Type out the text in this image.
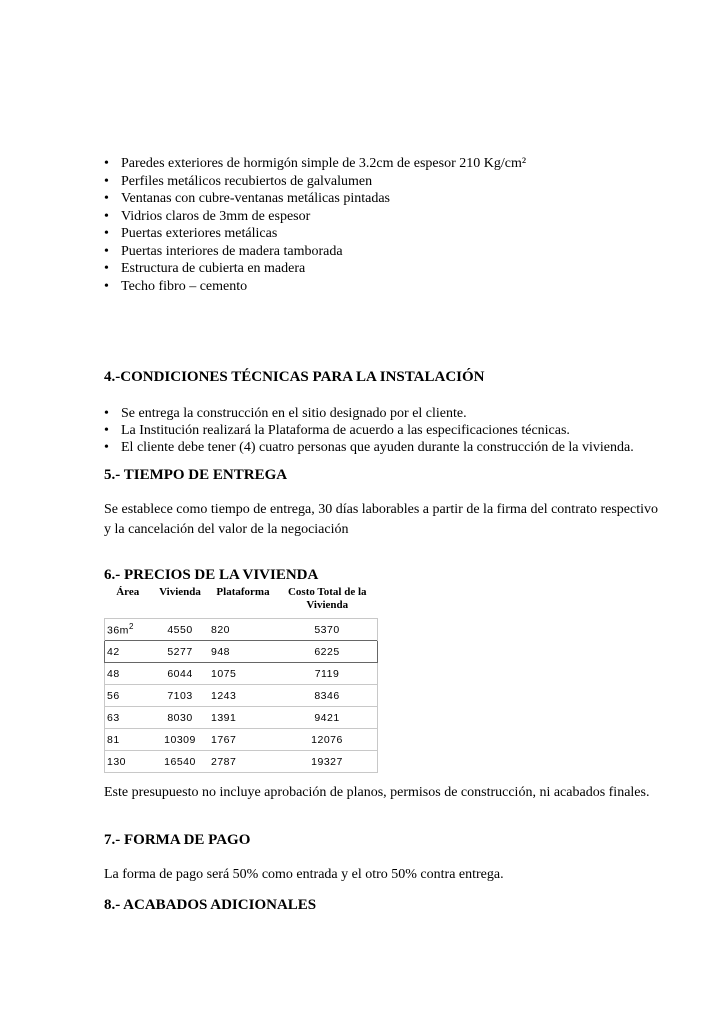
• Paredes exteriores de hormigón simple de 3.2cm de espesor 210 Kg/cm²
• Perfiles metálicos recubiertos de galvalumen
• Ventanas con cubre-ventanas metálicas pintadas
• Vidrios claros de 3mm de espesor
• Puertas exteriores metálicas
• Puertas interiores de madera tamborada
• Estructura de cubierta en madera
• Techo fibro – cemento
4.-CONDICIONES TÉCNICAS PARA LA INSTALACIÓN
• Se entrega la construcción en el sitio designado por el cliente.
• La Institución realizará la Plataforma de acuerdo a las especificaciones técnicas.
• El cliente debe tener (4) cuatro personas que ayuden durante la construcción de la vivienda.
5.- TIEMPO DE ENTREGA
Se establece como tiempo de entrega, 30 días laborables a partir de la firma del contrato respectivo y la cancelación del valor de la negociación
6.- PRECIOS DE LA VIVIENDA
Área	Vivienda	Plataforma	Costo Total de la Vivienda
$36m^2$	4550	820	5370
42	5277	948	6225
48	6044	1075	7119
56	7103	1243	8346
63	8030	1391	9421
81	10309	1767	12076
130	16540	2787	19327
Este presupuesto no incluye aprobación de planos, permisos de construcción, ni acabados finales.
7.- FORMA DE PAGO
La forma de pago será 50% como entrada y el otro 50% contra entrega.
8.- ACABADOS ADICIONALES
